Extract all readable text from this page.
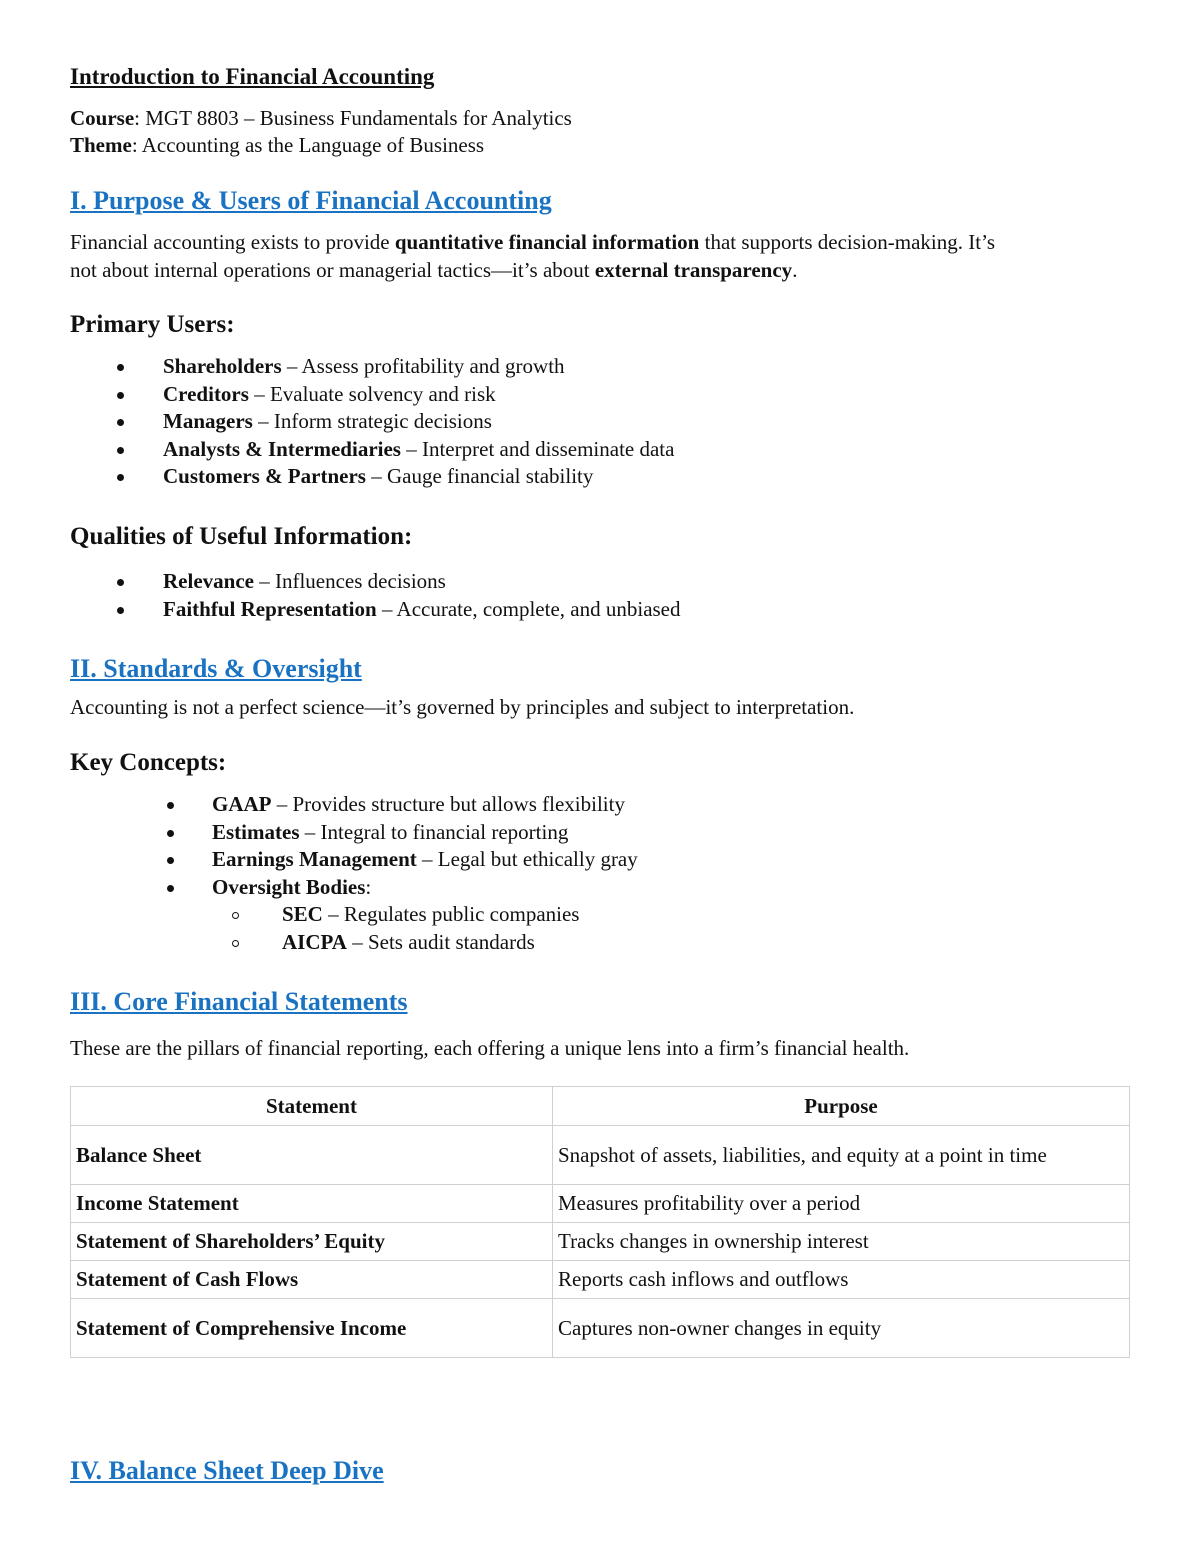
Introduction to Financial Accounting
Course: MGT 8803 – Business Fundamentals for Analytics
Theme: Accounting as the Language of Business
I. Purpose & Users of Financial Accounting
Financial accounting exists to provide quantitative financial information that supports decision-making. It’s
not about internal operations or managerial tactics—it’s about external transparency.
Primary Users:
Shareholders – Assess profitability and growth
Creditors – Evaluate solvency and risk
Managers – Inform strategic decisions
Analysts & Intermediaries – Interpret and disseminate data
Customers & Partners – Gauge financial stability
Qualities of Useful Information:
Relevance – Influences decisions
Faithful Representation – Accurate, complete, and unbiased
II. Standards & Oversight
Accounting is not a perfect science—it’s governed by principles and subject to interpretation.
Key Concepts:
GAAP – Provides structure but allows flexibility
Estimates – Integral to financial reporting
Earnings Management – Legal but ethically gray
Oversight Bodies:
SEC – Regulates public companies
AICPA – Sets audit standards
III. Core Financial Statements
These are the pillars of financial reporting, each offering a unique lens into a firm’s financial health.
Statement	Purpose
Balance Sheet	Snapshot of assets, liabilities, and equity at a point in time
Income Statement	Measures profitability over a period
Statement of Shareholders’ Equity	Tracks changes in ownership interest
Statement of Cash Flows	Reports cash inflows and outflows
Statement of Comprehensive Income	Captures non-owner changes in equity
IV. Balance Sheet Deep Dive
